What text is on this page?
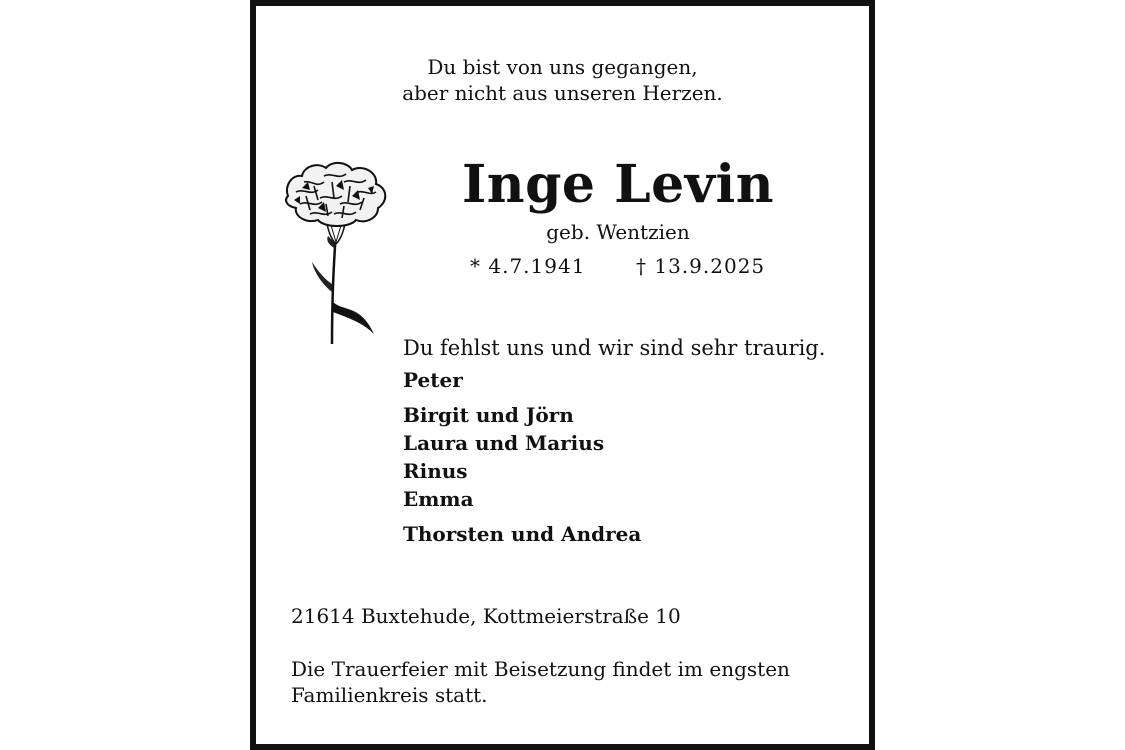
Du bist von uns gegangen,
aber nicht aus unseren Herzen.
Inge Levin
geb. Wentzien
* 4.7.1941	† 13.9.2025
Du fehlst uns und wir sind sehr traurig.
Peter
Birgit und Jörn
Laura und Marius
Rinus
Emma
Thorsten und Andrea
21614 Buxtehude, Kottmeierstraße 10
Die Trauerfeier mit Beisetzung findet im engsten
Familienkreis statt.
